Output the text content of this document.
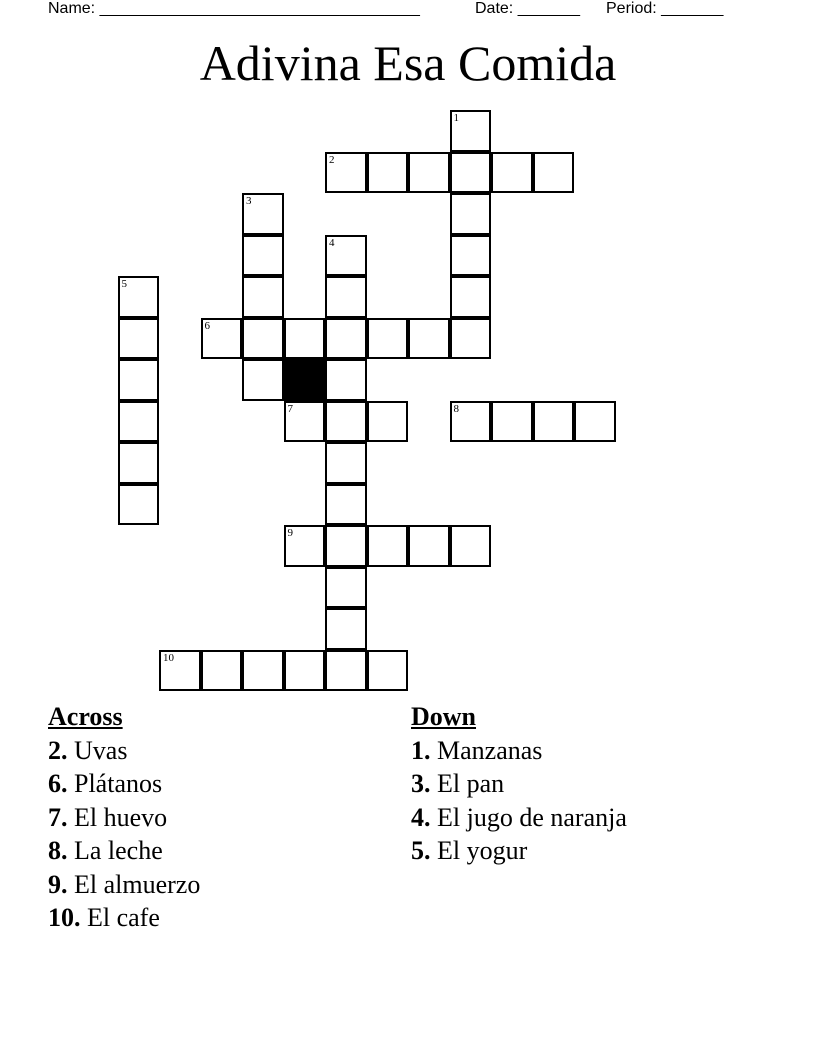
Name: ____________________________________	Date: _______ Period: _______
Adivina Esa Comida
2
6
7	8
9
10
1
3
4
5
Across
2. Uvas
6. Plátanos
7. El huevo
8. La leche
9. El almuerzo
10. El cafe
Down
1. Manzanas
3. El pan
4. El jugo de naranja
5. El yogur
